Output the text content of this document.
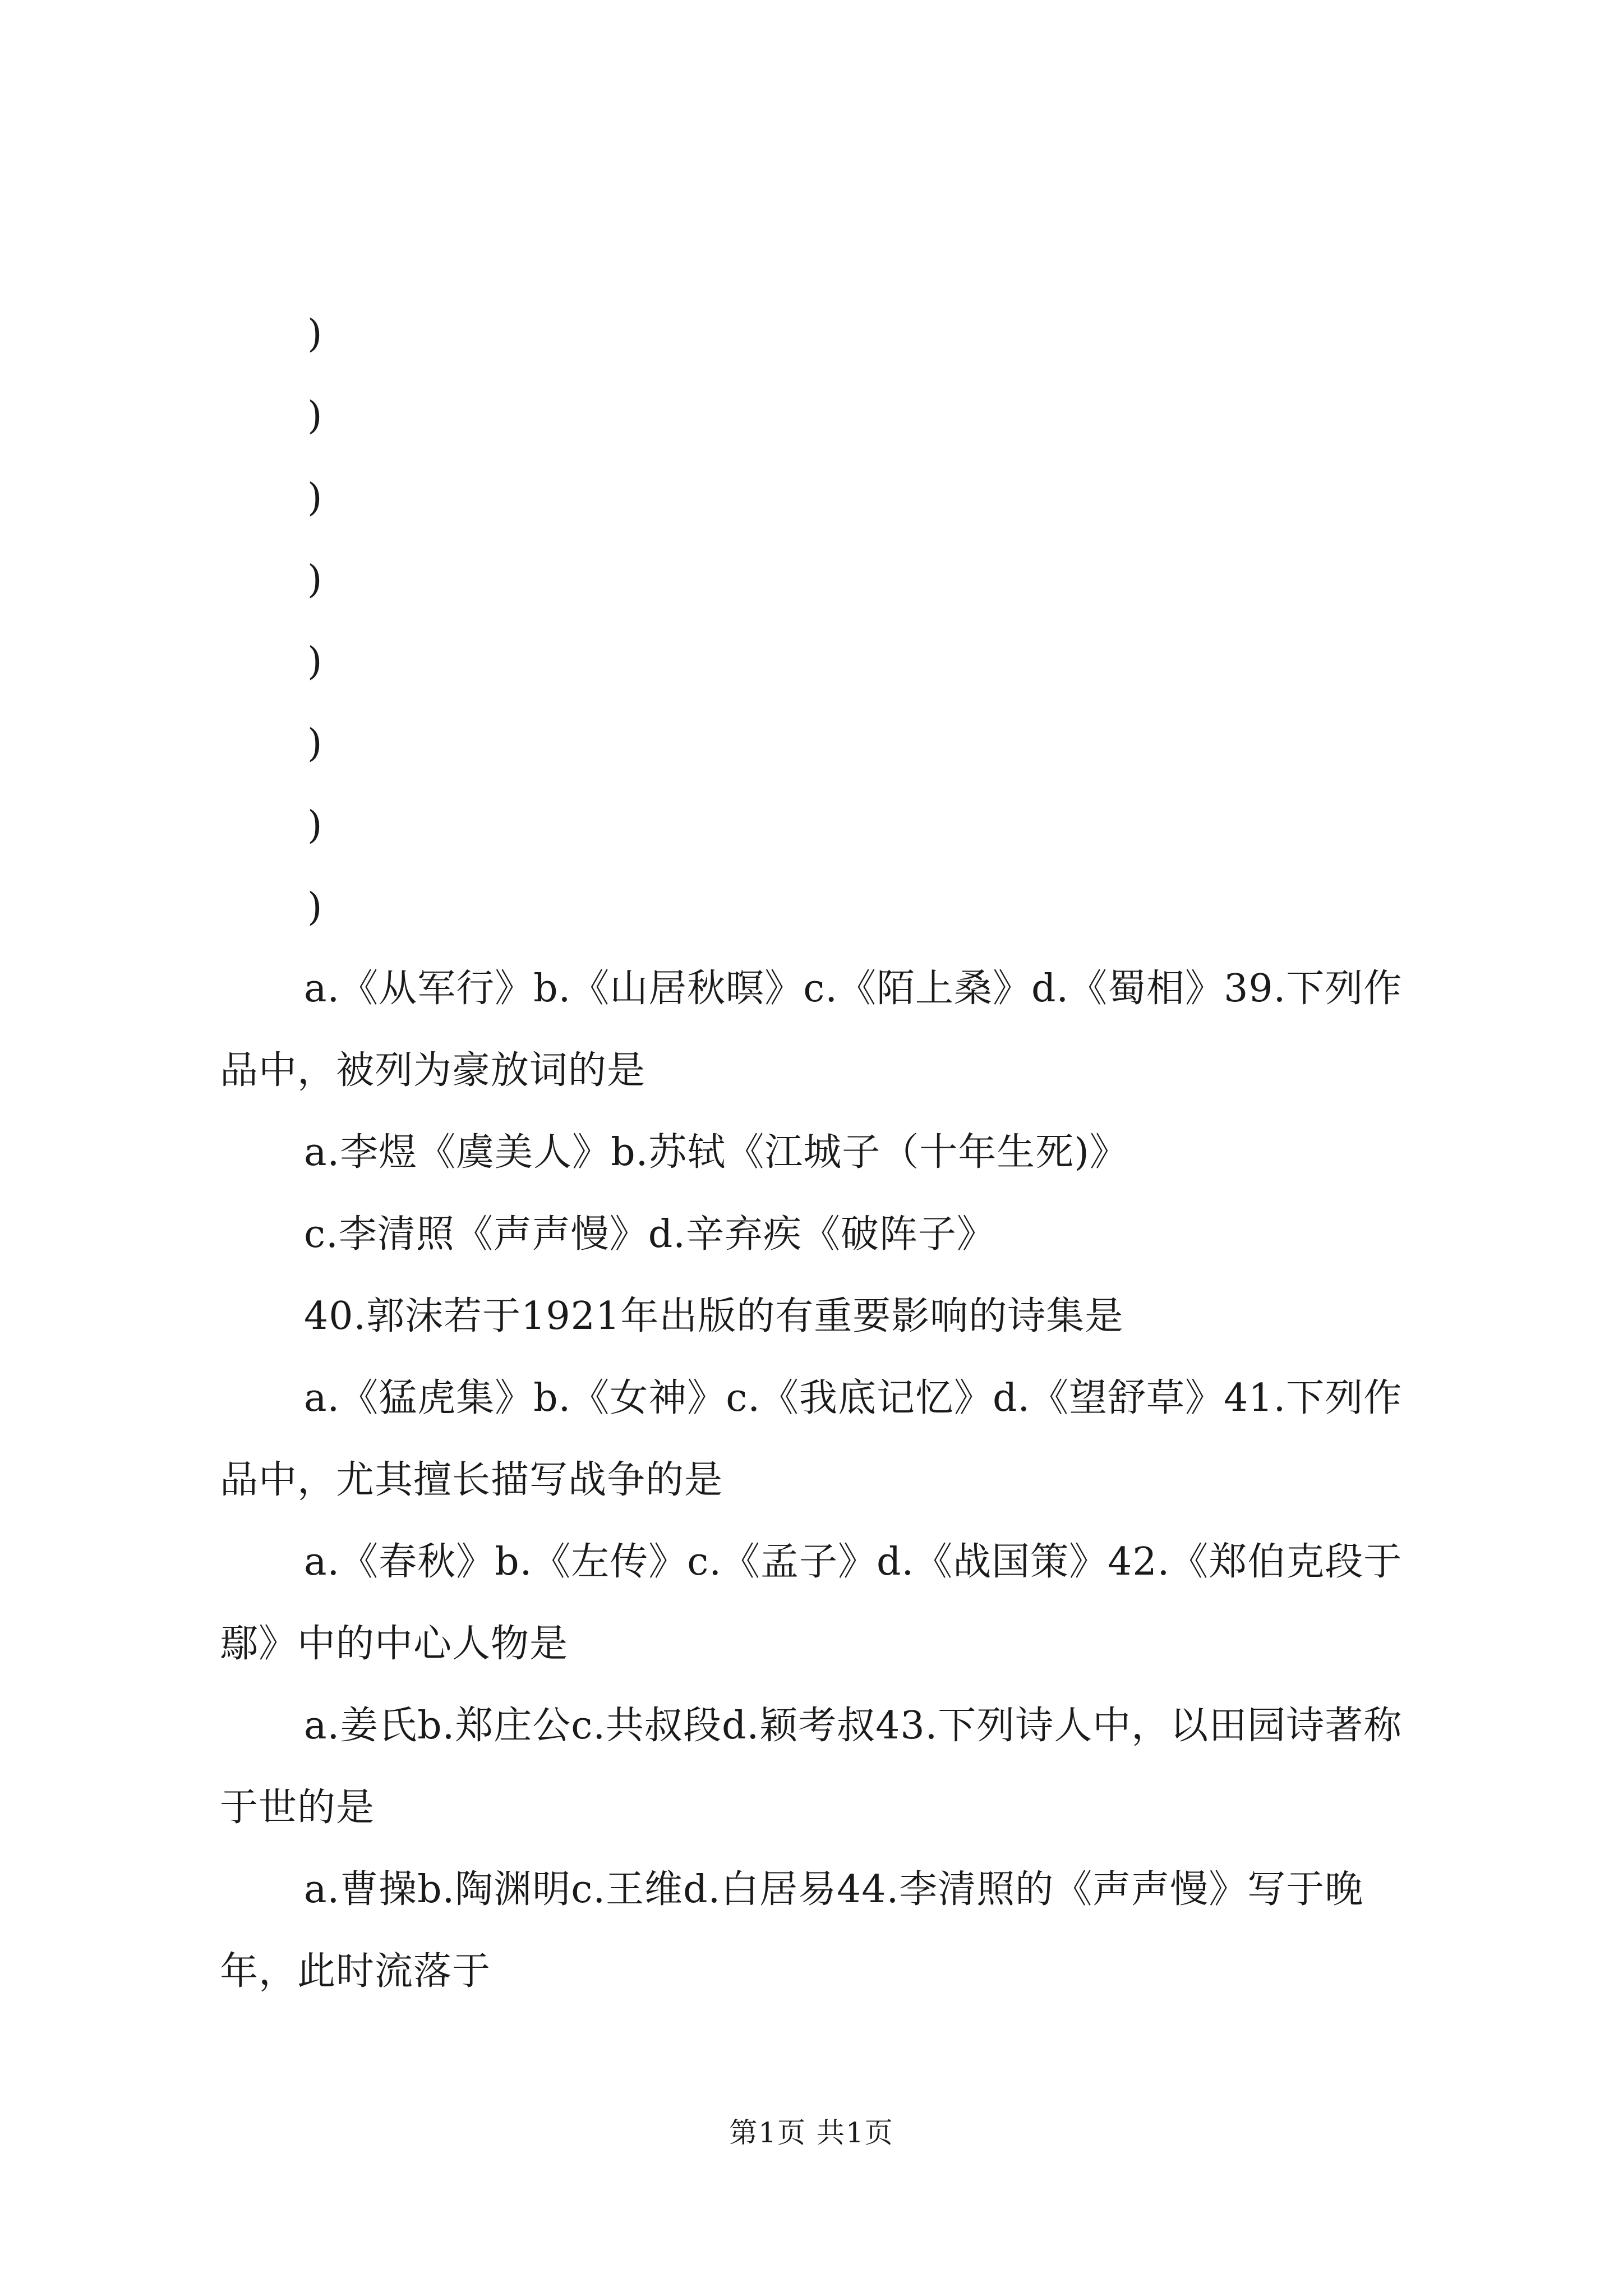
)
)
)
)
)
)
)
)

a.《从军行》b.《山居秋暝》c.《陌上桑》d.《蜀相》39.下列作品中，被列为豪放词的是

a.李煜《虞美人》b.苏轼《江城子（十年生死)》

c.李清照《声声慢》d.辛弃疾《破阵子》

40.郭沫若于1921年出版的有重要影响的诗集是

a.《猛虎集》b.《女神》c.《我底记忆》d.《望舒草》41.下列作品中，尤其擅长描写战争的是

a.《春秋》b.《左传》c.《孟子》d.《战国策》42.《郑伯克段于鄢》中的中心人物是

a.姜氏b.郑庄公c.共叔段d.颖考叔43.下列诗人中，以田园诗著称于世的是

a.曹操b.陶渊明c.王维d.白居易44.李清照的《声声慢》写于晚年，此时流落于

第1页 共1页
